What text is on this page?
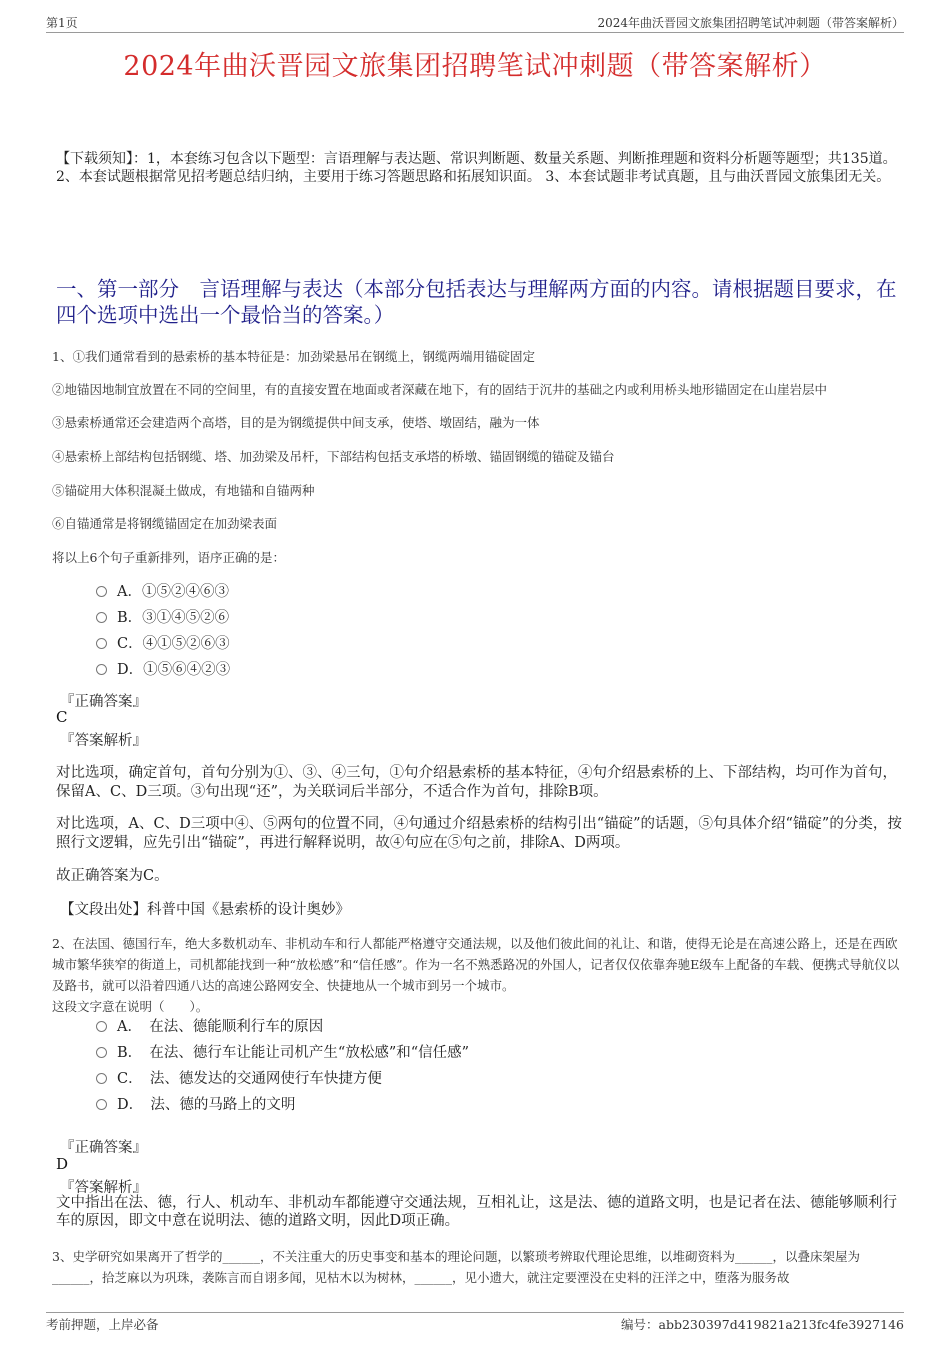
第1页	2024年曲沃晋园文旅集团招聘笔试冲刺题（带答案解析）
2024年曲沃晋园文旅集团招聘笔试冲刺题（带答案解析）
【下载须知】：1，本套练习包含以下题型：言语理解与表达题、常识判断题、数量关系题、判断推理题和资料分析题等题型；共135道。 2、本套试题根据常见招考题总结归纳，主要用于练习答题思路和拓展知识面。 3、本套试题非考试真题，且与曲沃晋园文旅集团无关。
一、第一部分　言语理解与表达（本部分包括表达与理解两方面的内容。请根据题目要求，在四个选项中选出一个最恰当的答案。）
1、①我们通常看到的悬索桥的基本特征是：加劲梁悬吊在钢缆上，钢缆两端用锚碇固定
②地锚因地制宜放置在不同的空间里，有的直接安置在地面或者深藏在地下，有的固结于沉井的基础之内或利用桥头地形锚固定在山崖岩层中
③悬索桥通常还会建造两个高塔，目的是为钢缆提供中间支承，使塔、墩固结，融为一体
④悬索桥上部结构包括钢缆、塔、加劲梁及吊杆，下部结构包括支承塔的桥墩、锚固钢缆的锚碇及锚台
⑤锚碇用大体积混凝土做成，有地锚和自锚两种
⑥自锚通常是将钢缆锚固定在加劲梁表面
将以上6个句子重新排列，语序正确的是：
A．①⑤②④⑥③
B．③①④⑤②⑥
C．④①⑤②⑥③
D．①⑤⑥④②③
『正确答案』
C
『答案解析』
对比选项，确定首句，首句分别为①、③、④三句，①句介绍悬索桥的基本特征，④句介绍悬索桥的上、下部结构，均可作为首句，保留A、C、D三项。③句出现“还”，为关联词后半部分，不适合作为首句，排除B项。
对比选项，A、C、D三项中④、⑤两句的位置不同，④句通过介绍悬索桥的结构引出“锚碇”的话题，⑤句具体介绍“锚碇”的分类，按照行文逻辑，应先引出“锚碇”，再进行解释说明，故④句应在⑤句之前，排除A、D两项。
故正确答案为C。
【文段出处】科普中国《悬索桥的设计奥妙》
2、在法国、德国行车，绝大多数机动车、非机动车和行人都能严格遵守交通法规，以及他们彼此间的礼让、和谐，使得无论是在高速公路上，还是在西欧城市繁华狭窄的街道上，司机都能找到一种“放松感”和“信任感”。作为一名不熟悉路况的外国人，记者仅仅依靠奔驰E级车上配备的车载、便携式导航仪以及路书，就可以沿着四通八达的高速公路网安全、快捷地从一个城市到另一个城市。
这段文字意在说明（　　）。
A．　在法、德能顺利行车的原因
B．　在法、德行车让能让司机产生“放松感”和“信任感”
C．　法、德发达的交通网使行车快捷方便
D．　法、德的马路上的文明
『正确答案』
D
『答案解析』
文中指出在法、德，行人、机动车、非机动车都能遵守交通法规，互相礼让，这是法、德的道路文明，也是记者在法、德能够顺利行车的原因，即文中意在说明法、德的道路文明，因此D项正确。
3、史学研究如果离开了哲学的______，不关注重大的历史事变和基本的理论问题，以繁琐考辨取代理论思维，以堆砌资料为______，以叠床架屋为______，拾芝麻以为巩珠，袭陈言而自诩多闻，见枯木以为树林，______，见小遗大，就注定要湮没在史料的汪洋之中，堕落为服务故
考前押题，上岸必备	编号：abb230397d419821a213fc4fe3927146
